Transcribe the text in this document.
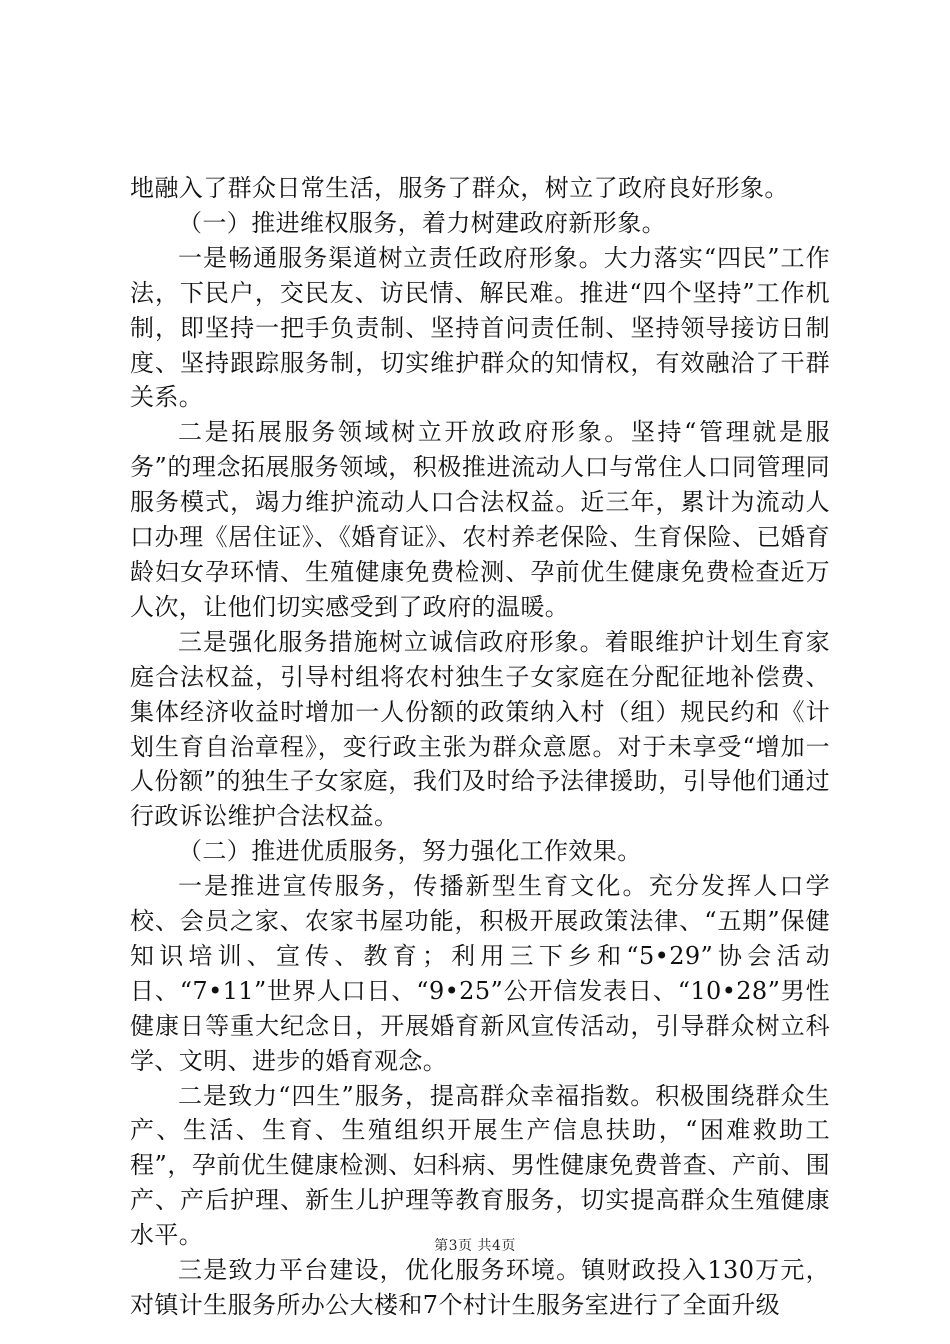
地融入了群众日常生活，服务了群众，树立了政府良好形象。

（一）推进维权服务，着力树建政府新形象。

一是畅通服务渠道树立责任政府形象。大力落实“四民”工作法，下民户，交民友、访民情、解民难。推进“四个坚持”工作机制，即坚持一把手负责制、坚持首问责任制、坚持领导接访日制度、坚持跟踪服务制，切实维护群众的知情权，有效融洽了干群关系。

二是拓展服务领域树立开放政府形象。坚持“管理就是服务”的理念拓展服务领域，积极推进流动人口与常住人口同管理同服务模式，竭力维护流动人口合法权益。近三年，累计为流动人口办理《居住证》、《婚育证》、农村养老保险、生育保险、已婚育龄妇女孕环情、生殖健康免费检测、孕前优生健康免费检查近万人次，让他们切实感受到了政府的温暖。

三是强化服务措施树立诚信政府形象。着眼维护计划生育家庭合法权益，引导村组将农村独生子女家庭在分配征地补偿费、集体经济收益时增加一人份额的政策纳入村（组）规民约和《计划生育自治章程》，变行政主张为群众意愿。对于未享受“增加一人份额”的独生子女家庭，我们及时给予法律援助，引导他们通过行政诉讼维护合法权益。

（二）推进优质服务，努力强化工作效果。

一是推进宣传服务，传播新型生育文化。充分发挥人口学校、会员之家、农家书屋功能，积极开展政策法律、“五期”保健知识培训、宣传、教育；利用三下乡和“5•29”协会活动日、“7•11”世界人口日、“9•25”公开信发表日、“10•28”男性健康日等重大纪念日，开展婚育新风宣传活动，引导群众树立科学、文明、进步的婚育观念。

二是致力“四生”服务，提高群众幸福指数。积极围绕群众生产、生活、生育、生殖组织开展生产信息扶助，“困难救助工程”，孕前优生健康检测、妇科病、男性健康免费普查、产前、围产、产后护理、新生儿护理等教育服务，切实提高群众生殖健康水平。

三是致力平台建设，优化服务环境。镇财政投入130万元，对镇计生服务所办公大楼和7个村计生服务室进行了全面升级

第3页 共4页
